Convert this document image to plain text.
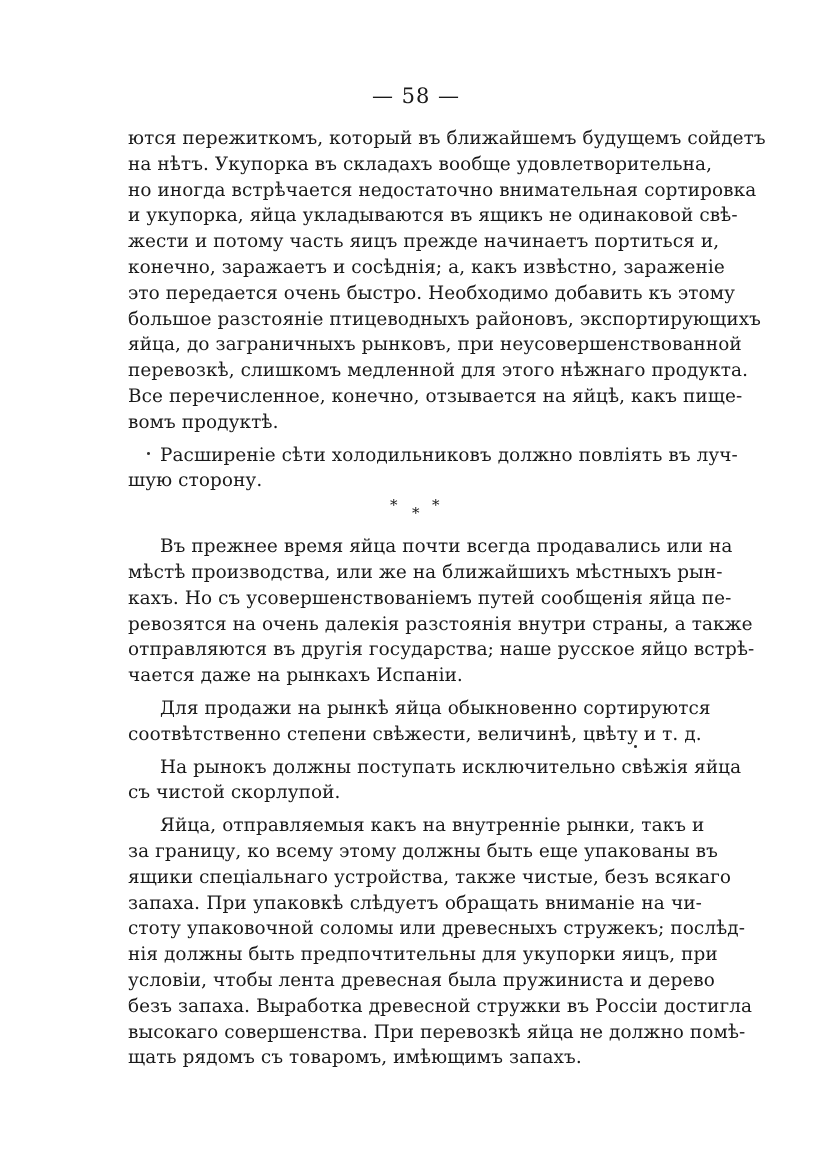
— 58 —
ются пережиткомъ, который въ ближайшемъ будущемъ сойдетъ
на нѣтъ. Укупорка въ складахъ вообще удовлетворительна,
но иногда встрѣчается недостаточно внимательная сортировка
и укупорка, яйца укладываются въ ящикъ не одинаковой свѣ-
жести и потому часть яицъ прежде начинаетъ портиться и,
конечно, заражаетъ и сосѣднія; а, какъ извѣстно, зараженіе
это передается очень быстро. Необходимо добавить къ этому
большое разстояніе птицеводныхъ районовъ, экспортирующихъ
яйца, до заграничныхъ рынковъ, при неусовершенствованной
перевозкѣ, слишкомъ медленной для этого нѣжнаго продукта.
Все перечисленное, конечно, отзывается на яйцѣ, какъ пище-
вомъ продуктѣ.
Расширеніе сѣти холодильниковъ должно повліять въ луч-
шую сторону.
* * *
Въ прежнее время яйца почти всегда продавались или на
мѣстѣ производства, или же на ближайшихъ мѣстныхъ рын-
кахъ. Но съ усовершенствованіемъ путей сообщенія яйца пе-
ревозятся на очень далекія разстоянія внутри страны, а также
отправляются въ другія государства; наше русское яйцо встрѣ-
чается даже на рынкахъ Испаніи.
Для продажи на рынкѣ яйца обыкновенно сортируются
соотвѣтственно степени свѣжести, величинѣ, цвѣту и т. д.
На рынокъ должны поступать исключительно свѣжія яйца
съ чистой скорлупой.
Яйца, отправляемыя какъ на внутренніе рынки, такъ и
за границу, ко всему этому должны быть еще упакованы въ
ящики спеціальнаго устройства, также чистые, безъ всякаго
запаха. При упаковкѣ слѣдуетъ обращать вниманіе на чи-
стоту упаковочной соломы или древесныхъ стружекъ; послѣд-
нія должны быть предпочтительны для укупорки яицъ, при
условіи, чтобы лента древесная была пружиниста и дерево
безъ запаха. Выработка древесной стружки въ Россіи достигла
высокаго совершенства. При перевозкѣ яйца не должно помѣ-
щать рядомъ съ товаромъ, имѣющимъ запахъ.
